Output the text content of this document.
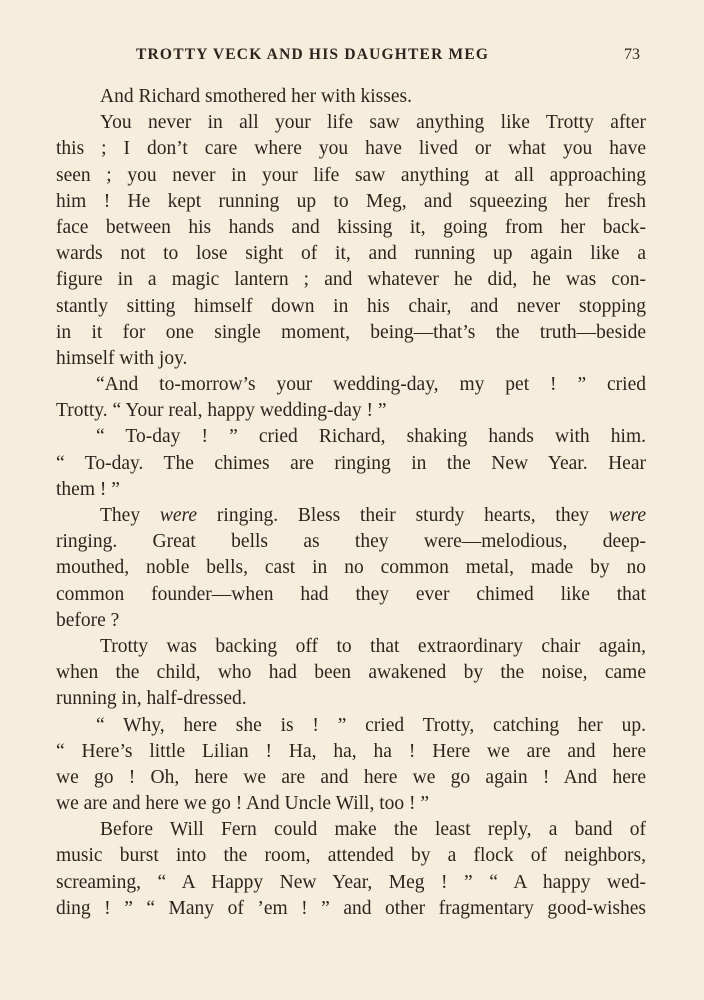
TROTTY VECK AND HIS DAUGHTER MEG	73
And Richard smothered her with kisses.
You never in all your life saw anything like Trotty after
this ; I don’t care where you have lived or what you have
seen ; you never in your life saw anything at all approaching
him ! He kept running up to Meg, and squeezing her fresh
face between his hands and kissing it, going from her back-
wards not to lose sight of it, and running up again like a
figure in a magic lantern ; and whatever he did, he was con-
stantly sitting himself down in his chair, and never stopping
in it for one single moment, being—that’s the truth—beside
himself with joy.
“And to-morrow’s your wedding-day, my pet ! ” cried
Trotty. “ Your real, happy wedding-day ! ”
“ To-day ! ” cried Richard, shaking hands with him.
“ To-day. The chimes are ringing in the New Year. Hear
them ! ”
They were ringing. Bless their sturdy hearts, they were
ringing. Great bells as they were—melodious, deep-
mouthed, noble bells, cast in no common metal, made by no
common founder—when had they ever chimed like that
before ?
Trotty was backing off to that extraordinary chair again,
when the child, who had been awakened by the noise, came
running in, half-dressed.
“ Why, here she is ! ” cried Trotty, catching her up.
“ Here’s little Lilian ! Ha, ha, ha ! Here we are and here
we go ! Oh, here we are and here we go again ! And here
we are and here we go ! And Uncle Will, too ! ”
Before Will Fern could make the least reply, a band of
music burst into the room, attended by a flock of neighbors,
screaming, “ A Happy New Year, Meg ! ” “ A happy wed-
ding ! ” “ Many of ’em ! ” and other fragmentary good-wishes
